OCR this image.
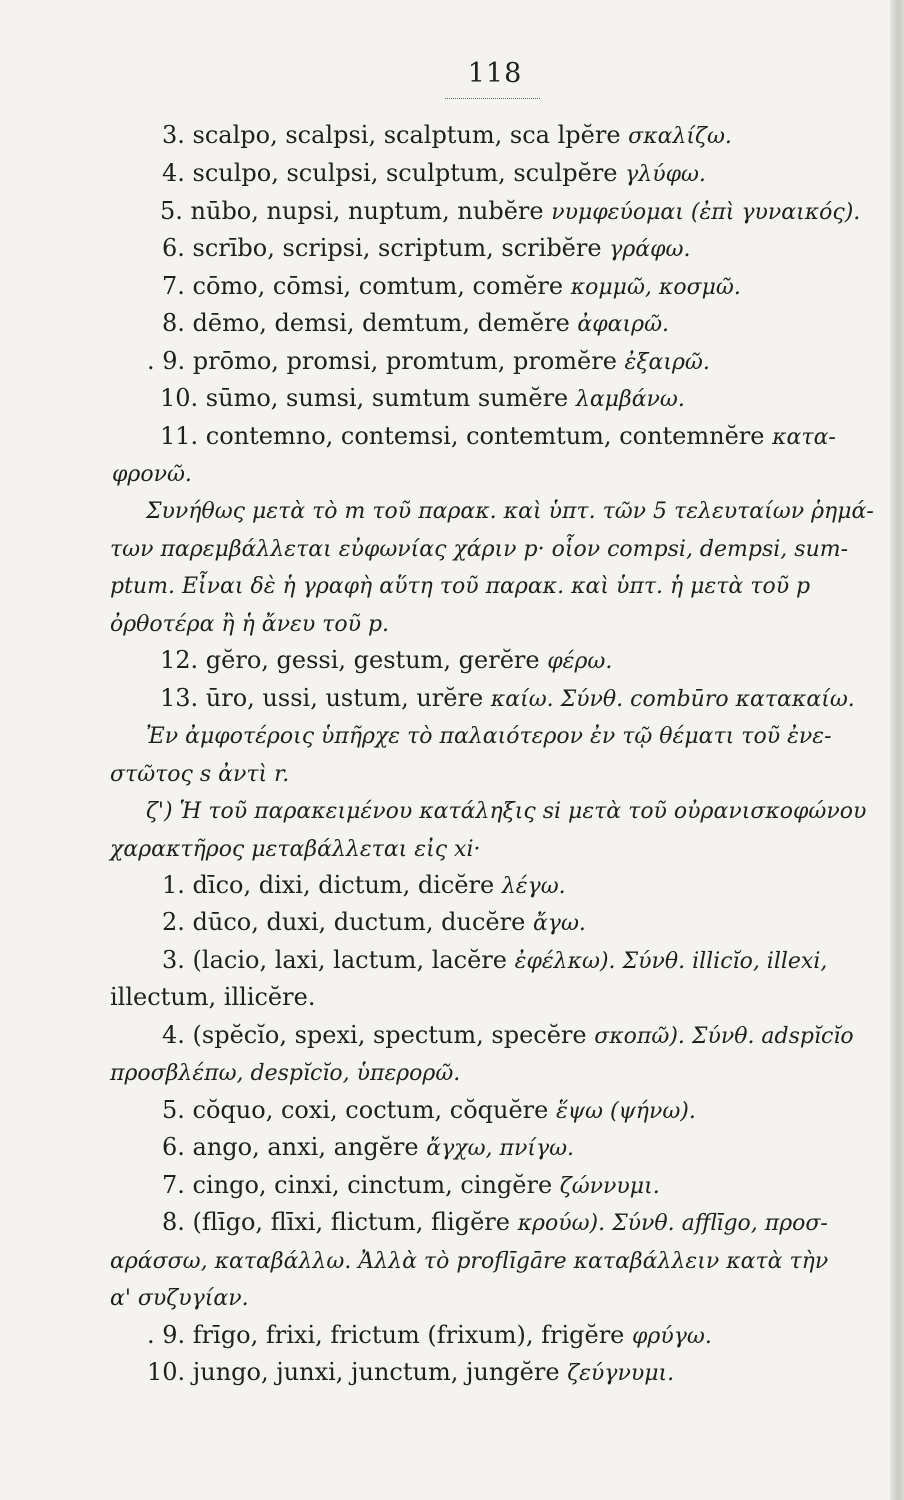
118
3. scalpo, scalpsi, scalptum, sca lpĕre σκαλίζω.
4. sculpo, sculpsi, sculptum, sculpĕre γλύφω.
5. nūbo, nupsi, nuptum, nubĕre νυμφεύομαι (ἐπὶ γυναικός).
6. scrībo, scripsi, scriptum, scribĕre γράφω.
7. cōmo, cōmsi, comtum, comĕre κομμῶ, κοσμῶ.
8. dēmo, demsi, demtum, demĕre ἀφαιρῶ.
. 9. prōmo, promsi, promtum, promĕre ἐξαιρῶ.
10. sūmo, sumsi, sumtum sumĕre λαμβάνω.
11. contemno, contemsi, contemtum, contemnĕre κατα-
φρονῶ.
Συνήθως μετὰ τὸ m τοῦ παρακ. καὶ ὑπτ. τῶν 5 τελευταίων ῥημά-
των παρεμβάλλεται εὐφωνίας χάριν p· οἷον compsi, dempsi, sum-
ptum. Εἶναι δὲ ἡ γραφὴ αὕτη τοῦ παρακ. καὶ ὑπτ. ἡ μετὰ τοῦ p
ὀρθοτέρα ἢ ἡ ἄνευ τοῦ p.
12. gĕro, gessi, gestum, gerĕre φέρω.
13. ūro, ussi, ustum, urĕre καίω. Σύνθ. combūro κατακαίω.
Ἐν ἀμφοτέροις ὑπῆρχε τὸ παλαιότερον ἐν τῷ θέματι τοῦ ἐνε-
στῶτος s ἀντὶ r.
ζ') Ἡ τοῦ παρακειμένου κατάληξις si μετὰ τοῦ οὐρανισκοφώνου
χαρακτῆρος μεταβάλλεται εἰς xi·
1. dīco, dixi, dictum, dicĕre λέγω.
2. dūco, duxi, ductum, ducĕre ἄγω.
3. (lacio, laxi, lactum, lacĕre ἐφέλκω). Σύνθ. illicĭo, illexi,
illectum, illicĕre.
4. (spĕcĭo, spexi, spectum, specĕre σκοπῶ). Σύνθ. adspĭcĭo
προσβλέπω, despĭcĭo, ὑπερορῶ.
5. cŏquo, coxi, coctum, cŏquĕre ἕψω (ψήνω).
6. ango, anxi, angĕre ἄγχω, πνίγω.
7. cingo, cinxi, cinctum, cingĕre ζώννυμι.
8. (flīgo, flīxi, flictum, fligĕre κρούω). Σύνθ. afflīgo, προσ-
αράσσω, καταβάλλω. Ἀλλὰ τὸ proflīgāre καταβάλλειν κατὰ τὴν
α' συζυγίαν.
. 9. frīgo, frixi, frictum (frixum), frigĕre φρύγω.
10. jungo, junxi, junctum, jungĕre ζεύγνυμι.
